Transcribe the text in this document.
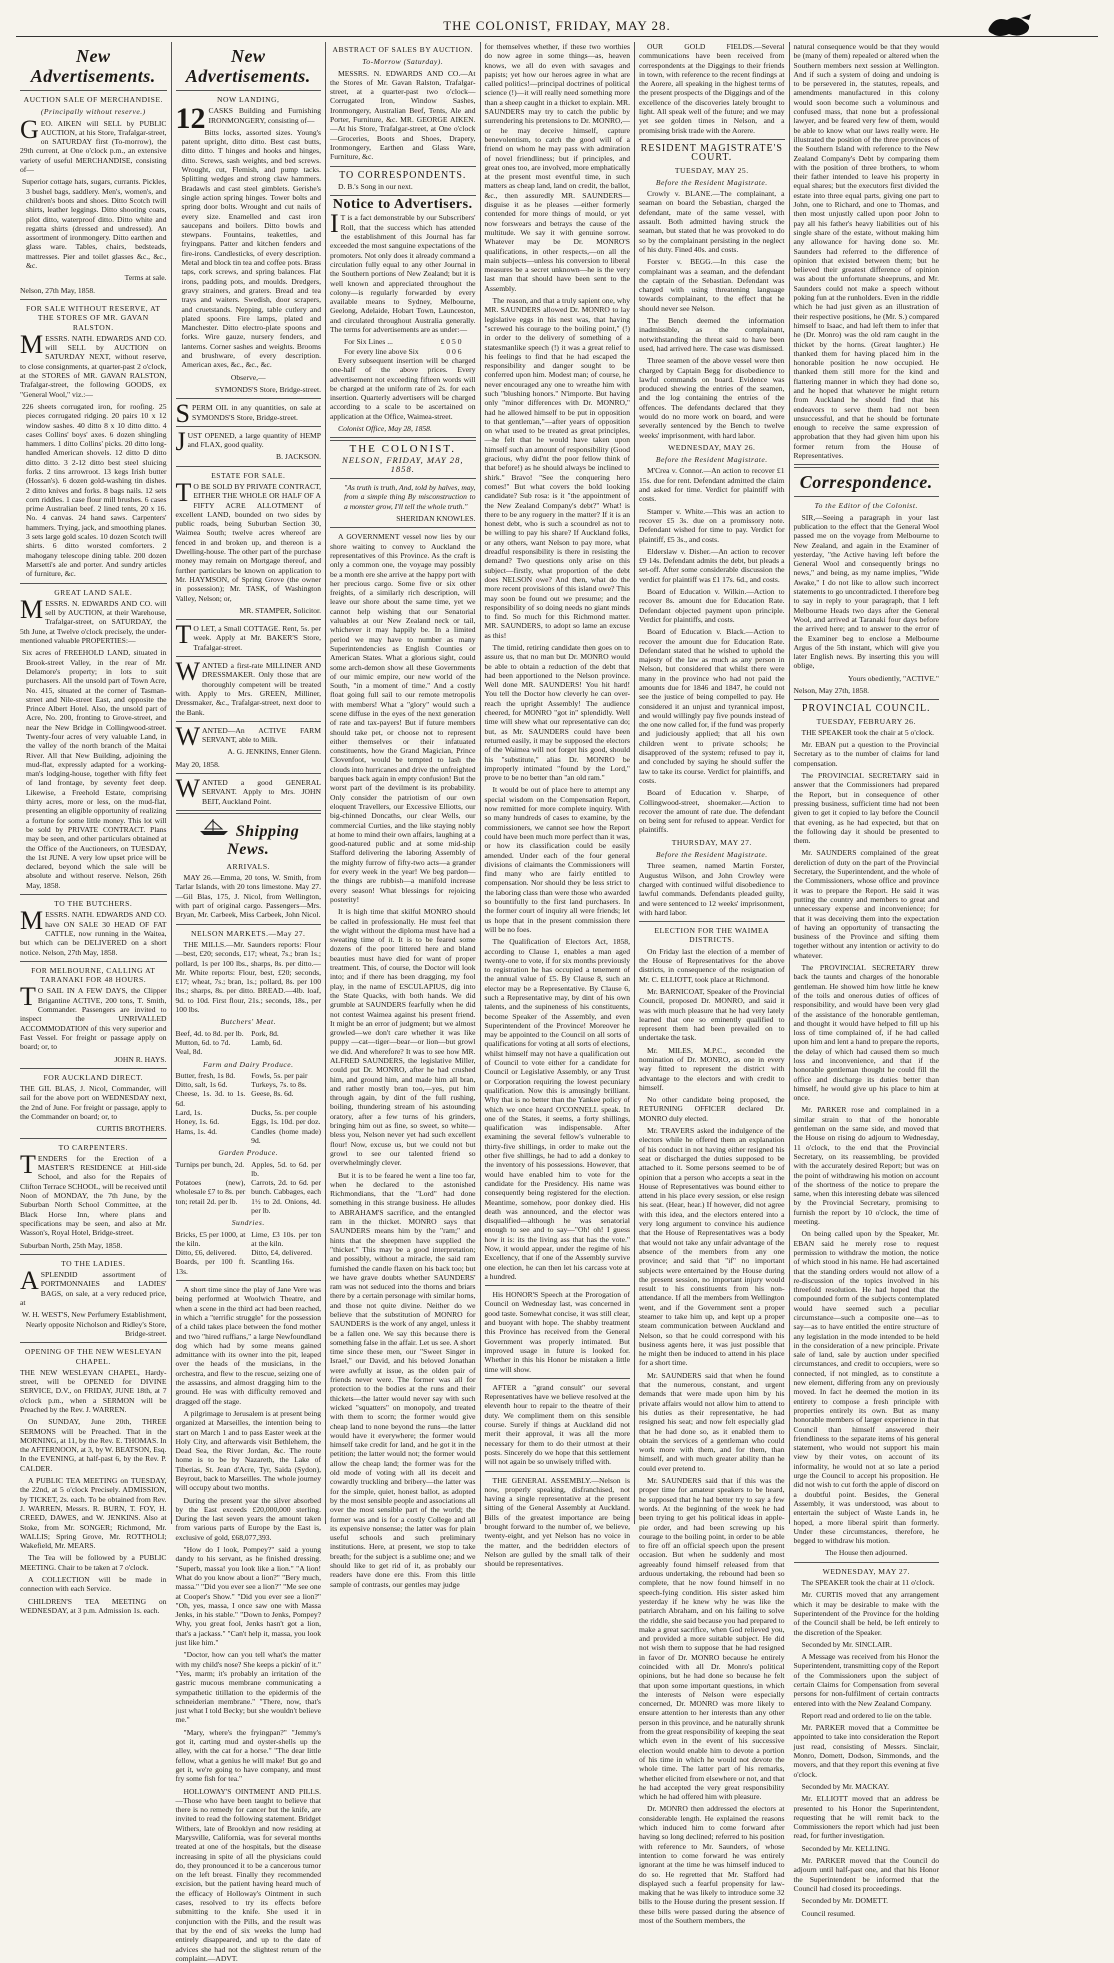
THE COLONIST, FRIDAY, MAY 28.
New Advertisements.
AUCTION SALE OF MERCHANDISE.
(Principally without reserve.)

GEO. AIKEN will SELL by PUBLIC AUCTION, at his Store, Trafalgar-street, on SATURDAY first (To-morrow), the 29th current, at One o'clock p.m., an extensive variety of useful MERCHANDISE, consisting of—

Superior cottage hats, sugars, currants. Pickles, 3 bushel bags, saddlery. Men's, women's, and children's boots and shoes. Ditto Scotch twill shirts, leather leggings. Ditto shooting coats, pilot ditto, waterproof ditto. Ditto white and regatta shirts (dressed and undressed). An assortment of ironmongery. Ditto earthen and glass ware. Tables, chairs, bedsteads, mattresses. Pier and toilet glasses &c., &c., &c.

Terms at sale.

Nelson, 27th May, 1858.

FOR SALE WITHOUT RESERVE, AT THE STORES OF MR. GAVAN RALSTON.

MESSRS. NATH. EDWARDS AND CO. will SELL by AUCTION on SATURDAY NEXT, without reserve, to close consignments, at quarter-past 2 o'clock, at the STORES of MR. GAVAN RALSTON, Trafalgar-street, the following GOODS, ex "General Wool," viz.:—

226 sheets corrugated iron, for roofing. 25 pieces corrugated ridging. 20 pairs 10 x 12 window sashes. 40 ditto 8 x 10 ditto ditto. 4 cases Collins' boys' axes. 6 dozen shingling hammers. 1 ditto Collins' picks. 20 ditto long-handled American shovels. 12 ditto D ditto ditto ditto. 3 2-12 ditto best steel sluicing forks. 2 tins arrowroot. 13 kegs Irish butter (Hossan's). 6 dozen gold-washing tin dishes. 2 ditto knives and forks. 8 bags nails. 12 sets corn riddles. 1 case flour mill brushes. 6 cases prime Australian beef. 2 lined tents, 20 x 16. No. 4 canvas. 24 hand saws. Carpenters' hammers. Trying, jack, and smoothing planes. 3 sets large gold scales. 10 dozen Scotch twill shirts. 6 ditto worsted comforters. 2 mahogany telescope dining table. 200 dozen Marsetti's ale and porter. And sundry articles of furniture, &c.

GREAT LAND SALE.

MESSRS. N. EDWARDS AND CO. will sell by AUCTION, at their Warehouse, Trafalgar-street, on SATURDAY, the 5th June, at Twelve o'clock precisely, the under-mentioned valuable PROPERTIES:—

Six acres of FREEHOLD LAND, situated in Brook-street Valley, in the rear of Mr. Delamore's property; in lots to suit purchasers. All the unsold part of Town Acre, No. 415, situated at the corner of Tasman-street and Nile-street East, and opposite the Prince Albert Hotel. Also, the unsold part of Acre, No. 200, fronting to Grove-street, and near the New Bridge in Collingwood-street. Twenty-four acres of very valuable Land, in the valley of the north branch of the Maitai River. All that New Building, adjoining the mud-flat, expressly adapted for a working-man's lodging-house, together with fifty feet of land frontage, by seventy feet deep. Likewise, a Freehold Estate, comprising thirty acres, more or less, on the mud-flat, presenting an eligible opportunity of realizing a fortune for some little money. This lot will be sold by PRIVATE CONTRACT. Plans may be seen, and other particulars obtained at the Office of the Auctioneers, on TUESDAY, the 1st JUNE. A very low upset price will be declared, beyond which the sale will be absolute and without reserve. Nelson, 26th May, 1858.

TO THE BUTCHERS.

MESSRS. NATH. EDWARDS AND CO. have ON SALE 30 HEAD OF FAT CATTLE, now running in the Waitea, but which can be DELIVERED on a short notice. Nelson, 27th May, 1858.

FOR MELBOURNE, CALLING AT TARANAKI FOR 48 HOURS.

T O SAIL IN A FEW DAYS, the Clipper Brigantine ACTIVE, 200 tons, T. Smith, Commander. Passengers are invited to inspect the UNRIVALLED ACCOMMODATION of this very superior and Fast Vessel. For freight or passage apply on board; or, to

JOHN R. HAYS.

FOR AUCKLAND DIRECT.

THE GIL BLAS, J. Nicol, Commander, will sail for the above port on WEDNESDAY next, the 2nd of June. For freight or passage, apply to the Commander on board; or, to

CURTIS BROTHERS.

TO CARPENTERS.

TENDERS for the Erection of a MASTER'S RESIDENCE at Hill-side School, and also for the Repairs of Clifton Terrace SCHOOL, will be received until Noon of MONDAY, the 7th June, by the Suburban North School Committee, at the Black Horse Inn, where plans and specifications may be seen, and also at Mr. Wasson's, Royal Hotel, Bridge-street.

Suburban North, 25th May, 1858.

TO THE LADIES.

ASPLENDID assortment of PORTMONNAIES and LADIES' BAGS, on sale, at a very reduced price, at

W. H. WEST'S, New Perfumery Establishment, Nearly opposite Nicholson and Ridley's Store, Bridge-street.

OPENING OF THE NEW WESLEYAN CHAPEL.

THE NEW WESLEYAN CHAPEL, Hardy-street, will be OPENED for DIVINE SERVICE, D.V., on FRIDAY, JUNE 18th, at 7 o'clock p.m., when a SERMON will be Preached by the Rev. J. WARREN.

On SUNDAY, June 20th, THREE SERMONS will be Preached. That in the MORNING, at 11, by the Rev. E. THOMAS. In the AFTERNOON, at 3, by W. BEATSON, Esq. In the EVENING, at half-past 6, by the Rev. P. CALDER.

A PUBLIC TEA MEETING on TUESDAY, the 22nd, at 5 o'clock Precisely. ADMISSION, by TICKET, 2s. each. To be obtained from Rev. J. WARREN, Messrs. R. BURN, T. FOY, H. CREED, DAWES, and W. JENKINS. Also at Stoke, from Mr. SONGER; Richmond, Mr. WALLIS; Spring Grove, Mr. ROTTHOLI; Wakefield, Mr. MEARS.

The Tea will be followed by a PUBLIC MEETING. Chair to be taken at 7 o'clock.

A COLLECTION will be made in connection with each Service.

CHILDREN'S TEA MEETING on WEDNESDAY, at 3 p.m. Admission 1s. each.

New Advertisements.
NOW LANDING,

12 CASKS Building and Furnishing IRONMONGERY, consisting of—

Bitts locks, assorted sizes. Young's patent upright, ditto ditto. Best cast butts, ditto ditto. T hinges and hooks and hinges, ditto. Screws, sash weights, and bed screws. Wrought, cut, Flemish, and pump tacks. Splitting wedges and strong claw hammers. Bradawls and cast steel gimblets. Gerishe's single action spring hinges. Tower bolts and spring door bolts. Wrought and cut nails of every size. Enamelled and cast iron saucepans and boilers. Ditto bowls and stewpans. Fountains, teakettles, and fryingpans. Patter and kitchen fenders and fire-irons. Candlesticks, of every description. Metal and block tin tea and coffee pots. Brass taps, cork screws, and spring balances. Flat irons, padding pots, and moulds. Dredgers, gravy strainers, and graters. Bread and tea trays and waiters. Swedish, door scrapers, and cruetstands. Nepping, table cutlery and plated spoons. Fire lamps, plated and Manchester. Ditto electro-plate spoons and forks. Wire gauze, nursery fenders, and lanterns. Corner sashes and weights. Brooms and brushware, of every description. American axes, &c., &c., &c.

Observe,—

SYMONDS'S Store, Bridge-street.

SPERM OIL in any quantities, on sale at SYMONDS'S Store, Bridge-street.

JUST OPENED, a large quantity of HEMP and FLAX, good quality.

B. JACKSON.

ESTATE FOR SALE.

T O BE SOLD BY PRIVATE CONTRACT, EITHER THE WHOLE OR HALF OF A FIFTY ACRE ALLOTMENT of excellent LAND, bounded on two sides by public roads, being Suburban Section 30, Waimea South; twelve acres whereof are fenced in and broken up, and thereon is a Dwelling-house. The other part of the purchase money may remain on Mortgage thereof, and further particulars be known on application to Mr. HAYMSON, of Spring Grove (the owner in possession); Mr. TASK, of Washington Valley, Nelson; or,

MR. STAMPER, Solicitor.

T O LET, a Small COTTAGE. Rent, 5s. per week. Apply at Mr. BAKER'S Store, Trafalgar-street.

WANTED a first-rate MILLINER AND DRESSMAKER. Only those that are thoroughly competent will be treated with. Apply to Mrs. GREEN, Milliner, Dressmaker, &c., Trafalgar-street, next door to the Bank.

WANTED—An ACTIVE FARM SERVANT, able to Milk.

A. G. JENKINS, Enner Glenn.

May 20, 1858.

WANTED a good GENERAL SERVANT. Apply to Mrs. JOHN BEIT, Auckland Point.

Shipping News.
ARRIVALS.

MAY 26.—Emma, 20 tons, W. Smith, from Tarlar Islands, with 20 tons limestone. May 27.—Gil Blas, 175, J. Nicol, from Wellington, with part of original cargo. Passengers—Mrs. Bryan, Mr. Carbeek, Miss Carbeek, John Nicol.

NELSON MARKETS.—May 27.

THE MILLS.—Mr. Saunders reports: Flour—best, £20; seconds, £17; wheat, 7s.; bran 1s.; pollard, 1s per 100 lbs., sharps, 8s. per ditto.—Mr. White reports: Flour, best, £20; seconds, £17; wheat, 7s.; bran, 1s.; pollard, 8s. per 100 lbs.; sharps, 8s. per ditto. BREAD.—4lb. loaf, 9d. to 10d. First flour, 21s.; seconds, 18s., per 100 lbs.

Butchers' Meat.
Beef, 4d. to 8d. per lb. Pork, 8d.
Mutton, 6d. to 7d.	Lamb, 6d.
Veal, 8d.
Farm and Dairy Produce.
Butter, fresh, 1s 8d.	Fowls, 5s. per pair
Ditto, salt, 1s 6d.	Turkeys, 7s. to 8s.
Cheese, 1s. 3d. to 1s. 6d.
Geese, 8s. 6d.
Lard, 1s.	Ducks, 5s. per couple
Honey, 1s. 6d.	Eggs, 1s. 10d. per doz.
Hams, 1s. 4d.	Candles (home made) 9d.
Garden Produce.
Turnips per bunch, 2d. Apples, 5d. to 6d. per lb.
Potatoes (new), wholesale £7 to 8s. per ton; retail 2d. per lb.
Carrots, 2d. to 6d. per bunch. Cabbages, each 1½ to 2d. Onions, 4d. per lb.
Sundries.
Bricks, £5 per 1000, at the kiln.
Lime, £3 10s. per ton at the kiln.
Ditto, £6, delivered.	Ditto, £4, delivered.
Boards, per 100 ft. 13s.
Scantling 16s.

A short time since the play of Jane Vere was being performed at Woolwich Theatre, and when a scene in the third act had been reached, in which a "terrific struggle" for the possession of a child takes place between the fond mother and two "hired ruffians," a large Newfoundland dog which had by some means gained admittance with its owner into the pit, leaped over the heads of the musicians, in the orchestra, and flew to the rescue, seizing one of the assassins, and almost dragging him to the ground. He was with difficulty removed and dragged off the stage.

A pilgrimage to Jerusalem is at present being organized at Marseilles, the intention being to start on March 1 and to pass Easter week at the Holy City, and afterwards visit Bethlehem, the Dead Sea, the River Jordan, &c. The route home is to be by Nazareth, the Lake of Tiberias, St. Jean d'Acre, Tyr, Saida (Sydon), Beyrout, back to Marseilles. The whole journey will occupy about two months.

During the present year the silver absorbed by the East exceeds £20,000,000 sterling. During the last seven years the amount taken from various parts of Europe by the East is, exclusive of gold, £68,077,393.

"How do I look, Pompey?" said a young dandy to his servant, as he finished dressing. "Superb, massa! you look like a lion." "A lion! What do you know about a lion?" "Bery much, massa." "Did you ever see a lion?" "Me see one at Cooper's Show." "Did you ever see a lion?" "Oh, yes, massa, I once saw one with Massa Jenks, in his stable." "Down to Jenks, Pompey? Why, you great fool, Jenks hasn't got a lion, that's a jackass." "Can't help it, massa, you look just like him."

"Doctor, how can you tell what's the matter with my child's nose? She keeps a pickin' of it." "Yes, marm; it's probably an irritation of the gastric mucous membrane communicating a sympathetic titillation to the epidermis of the schneiderian membrane." "There, now, that's just what I told Becky; but she wouldn't believe me."

"Mary, where's the fryingpan?" "Jemmy's got it, carting mud and oyster-shells up the alley, with the cat for a horse." "The dear little fellow, what a genius he will make! But go and get it, we're going to have company, and must fry some fish for tea."

HOLLOWAY'S OINTMENT AND PILLS.—Those who have been taught to believe that there is no remedy for cancer but the knife, are invited to read the following statement. Bridget Withers, late of Brooklyn and now residing at Marysville, California, was for several months treated at one of the hospitals, but the disease increasing in spite of all the physicians could do, they pronounced it to be a cancerous tumor on the left breast. Finally they recommended excision, but the patient having heard much of the efficacy of Holloway's Ointment in such cases, resolved to try its effects before submitting to the knife. She used it in conjunction with the Pills, and the result was that by the end of six weeks the lump had entirely disappeared, and up to the date of advices she had not the slightest return of the complaint.—ADVT.

ABSTRACT OF SALES BY AUCTION.
To-Morrow (Saturday).

MESSRS. N. EDWARDS AND CO.—At the Stores of Mr. Gavan Ralston, Trafalgar-street, at a quarter-past two o'clock—Corrugated Iron, Window Sashes, Ironmongery, Australian Beef, Tents, Ale and Porter, Furniture, &c. MR. GEORGE AIKEN.—At his Store, Trafalgar-street, at One o'clock—Groceries, Boots and Shoes, Drapery, Ironmongery, Earthen and Glass Ware, Furniture, &c.

TO CORRESPONDENTS.

D. B.'s Song in our next.

Notice to Advertisers.

I T is a fact demonstrable by our Subscribers' Roll, that the success which has attended the establishment of this Journal has far exceeded the most sanguine expectations of the promoters. Not only does it already command a circulation fully equal to any other Journal in the Southern portions of New Zealand; but it is well known and appreciated throughout the colony—is regularly forwarded by every available means to Sydney, Melbourne, Geelong, Adelaide, Hobart Town, Launceston, and circulated throughout Australia generally. The terms for advertisements are as under:—

For Six Lines ...	£ 0 5 0
For every line above Six	0 0 6

Every subsequent insertion will be charged one-half of the above prices. Every advertisement not exceeding fifteen words will be charged at the uniform rate of 2s. for each insertion. Quarterly advertisers will be charged according to a scale to be ascertained on application at the Office, Waimea-street.

Colonist Office, May 28, 1858.

THE COLONIST.
NELSON, FRIDAY, MAY 28, 1858.

"As truth is truth, And, told by halves, may, from a simple thing By misconstruction to a monster grow, I'll tell the whole truth."

SHERIDAN KNOWLES.

A GOVERNMENT vessel now lies by our shore waiting to convey to Auckland the representatives of this Province. As the craft is only a common one, the voyage may possibly be a month ere she arrive at the happy port with her precious cargo. Some five or six other freights, of a similarly rich description, will leave our shore about the same time, yet we cannot help wishing that our Senatorial valuables at our New Zealand neck or tail, whichever it may happily be. In a limited period we may have to number as many Superintendencies as English Counties or American States. What a glorious sight, could some arch-demon show all these Governments of our mimic empire, our new world of the South, "in a moment of time." And a costly float going full sail to our remote metropolis with members! What a "glory" would such a scene diffuse in the eyes of the next generation of rate and tax-payers! But if future members should take pet, or choose not to represent either themselves or their infatuated constituents, how the Grand Magician, Prince Clovenfoot, would be tempted to lash the clouds into hurricanes and drive the unfreighted barques back again in empty confusion! But the worst part of the devilment is its probability. Only consider the patriotism of our own eloquent Travellers, our Excessive Elliotts, our big-chinned Doncaths, our clear Wells, our commercial Curties, and the like staying nobly at home to mind their own affairs, laughing at a good-natured public and at some mid-ship Stafford delivering the laboring Assembly of the mighty furrow of fifty-two acts—a grander for every week in the year! We beg pardon—the things are rubbish—a manifold increase every season! What blessings for rejoicing posterity!

It is high time that skilful MONRO should be called in professionally. He must feel that the wight without the diploma must have had a sweating time of it. It is to be feared some dozens of the poor littered here and bland beauties must have died for want of proper treatment. This, of course, the Doctor will look into; and if there has been dragging, my fool play, in the name of ESCULAPIUS, dig into the State Quacks, with both hands. We did grumble at SAUNDERS fearfully when he did not contest Waimea against his present friend. It might be an error of judgment; but we almost growled—we don't care whether it was like puppy —cat—tiger—bear—or lion—but growl we did. And wherefore? It was to see how MR. ALFRED SAUNDERS, the legislative Miller, could put Dr. MONRO, after he had crushed him, and ground him, and made him all bran, and rather mostly bran too,—yes, put him through again, by dint of the full rushing, boiling, thundering stream of his astounding oratory, after a few turns of his grinders, bringing him out as fine, so sweet, so white—bless you, Nelson never yet had such excellent flour! Now, excuse us, but we could not but growl to see our talented friend so overwhelmingly clever.

But it is to be feared he went a line too far, when he declared to the astonished Richmondians, that the "Lord" had done something in this strange business. He alludes to ABRAHAM'S sacrifice, and the entangled ram in the thicket. MONRO says that SAUNDERS means him by the "ram;" and hints that the sheepmen have supplied the "thicket." This may be a good interpretation; and possibly, without a miracle, the said ram furnished the candle flaxen on his back too; but we have grave doubts whether SAUNDERS' ram was not seduced into the thorns and briars there by a certain personage with similar horns, and those not quite divine. Neither do we believe that the substitution of MONRO for SAUNDERS is the work of any angel, unless it be a fallen one. We say this because there is something false in the affair. Let us see. A short time since these men, our "Sweet Singer in Israel," our David, and his beloved Jonathan were awfully at issue, as the olden pair of friends never were. The former was all for protection to the bodies at the runs and their thickets—the latter would never say with such wicked "squatters" on monopoly, and treated with them to scorn; the former would give cheap land to none beyond the runs—the latter would have it everywhere; the former would himself take credit for land, and he got it in the petition; the latter would not; the former would allow the cheap land; the former was for the old mode of voting with all its deceit and cowardly truckling and bribery—the latter was for the simple, quiet, honest ballot, as adopted by the most sensible people and associations all over the most sensible part of the world; the former was and is for a costly College and all its expensive nonsense; the latter was for plain useful schools and such preliminary institutions. Here, at present, we stop to take breath; for the subject is a sublime one; and we should like to get rid of it, as probably our readers have done ere this. From this little sample of contrasts, our gentles may judge

for themselves whether, if these two worthies do now agree in some things—as, heaven knows, we all do even with savages and papists; yet how our heroes agree in what are called politics!—principal doctrines of political science (!)—it will really need something more than a sheep caught in a thicket to explain. MR. SAUNDERS may try to catch the public by surrendering his pretensions to Dr. MONRO,—or he may deceive himself, capture benevolentism, to catch the good will of a friend on whom he may pass with admiration of novel friendliness; but if principles, and great ones too, are involved, more emphatically at the present most eventful time, in such matters as cheap land, land on credit, the ballot, &c., then assuredly MR. SAUNDERS—disguise it as he pleases —either formerly contended for more things of mould, or yet now forswears and betrays the cause of the multitude. We say it with genuine sorrow. Whatever may be Dr. MONRO'S qualifications, in other respects,—on all the main subjects—unless his conversion to liberal measures be a secret unknown—he is the very last man that should have been sent to the Assembly.

The reason, and that a truly sapient one, why MR. SAUNDERS allowed Dr. MONRO to lay legislative eggs in his nest was, that having "screwed his courage to the boiling point," (!) in order to the delivery of something of a statesmanlike speech (!) it was a great relief to his feelings to find that he had escaped the responsibility and danger sought to be conferred upon him. Modest man; of course, he never encouraged any one to wreathe him with such "blushing honors." N'importe. But having only "minor differences with Dr. MONRO," had he allowed himself to be put in opposition to that gentleman,"—after years of opposition on what used to be treated as great principles,—he felt that he would have taken upon himself such an amount of responsibility (Good gracious, why did'nt the poor fellow think of that before!) as he should always be inclined to shirk." Bravo! "See the conquering hero comes!" But what covers the bold looking candidate? Sub rosa: is it "the appointment of the New Zealand Company's debt?" What! is there to be any roguery in the matter? If it is an honest debt, who is such a scoundrel as not to be willing to pay his share? If Auckland folks, or any others, want Nelson to pay more, what dreadful responsibility is there in resisting the demand? Two questions only arise on this subject—firstly, what proportion of the debt does NELSON owe? And then, what do the more recent provisions of this island owe? This may soon be found out we presume; and the responsibility of so doing needs no giant minds to find. So much for this Richmond matter. MR. SAUNDERS, to adopt so lame an excuse as this!

The timid, retiring candidate then goes on to assure us, that no man but Dr. MONRO would be able to obtain a reduction of the debt that had been apportioned to the Nelson province. Well done MR. SAUNDERS! You hit hard! You tell the Doctor how cleverly he can over-reach the upright Assembly! The audience cheered, for MONRO "got in" splendidly. Well time will shew what our representative can do; but, as Mr. SAUNDERS could have been returned easily, it may be supposed the electors of the Waimea will not forget his good, should his "substitute," alias Dr. MONRO be improperly intimated "found by the Lord," prove to be no better than "an old ram."

It would be out of place here to attempt any special wisdom on the Compensation Report, now remitted for more complete inquiry. With so many hundreds of cases to examine, by the commissioners, we cannot see how the Report could have been much more perfect than it was, or how its classification could be easily amended. Under each of the four general divisions of claimants the Commissioners will find many who are fairly entitled to compensation. Nor should they be less strict to the laboring class than were those who awarded so bountifully to the first land purchasers. In the former court of inquiry all were friends; let us hope that in the present commission there will be no foes.

The Qualification of Electors Act, 1858, according to Clause 1, enables a man aged twenty-one to vote, if for six months previously to registration he has occupied a tenement of the annual value of £5. By Clause 8, such an elector may be a Representative. By Clause 6, such a Representative may, by dint of his own talents, and the supineness of his constituents, become Speaker of the Assembly, and even Superintendent of the Province! Moreover he may be appointed to the Council on all sorts of qualifications for voting at all sorts of elections, whilst himself may not have a qualification out of Council to vote either for a candidate for Council or Legislative Assembly, or any Trust or Corporation requiring the lowest pecuniary qualification. Now this is amusingly brilliant. Why that is no better than the Yankee policy of which we once heard O'CONNELL speak. In one of the States, it seems, a forty shillings, qualification was indispensable. After examining the several fellow's vulnerable to thirty-five shillings, in order to make out the other five shillings, he had to add a donkey to the inventory of his possessions. However, that would have enabled him to vote for the candidate for the Presidency. His name was consequently being registered for the election. Meantime, somehow, poor donkey died. His death was announced, and the elector was disqualified—although he was senatorial enough to see and to say—"Oh! oh! I guess how it is: its the living ass that has the vote." Now, it would appear, under the regime of his Excellency, that if one of the Assembly survive one election, he can then let his carcass vote at a hundred.

His HONOR'S Speech at the Prorogation of Council on Wednesday last, was concerned in good taste. Somewhat concise, it was still clear, and buoyant with hope. The shabby treatment this Province has received from the General Government was properly intimated. But improved usage in future is looked for. Whether in this his Honor be mistaken a little time will show.

AFTER a "grand consult" our several Representatives have we believe resolved at the eleventh hour to repair to the theatre of their duty. We compliment them on this sensible course. Surely if things at Auckland did not merit their approval, it was all the more necessary for them to do their utmost at their posts. Sincerely do we hope that this settlement will not again be so unwisely trifled with.

THE GENERAL ASSEMBLY.—Nelson is now, properly speaking, disfranchised, not having a single representative at the present sitting of the General Assembly at Auckland. Bills of the greatest importance are being brought forward to the number of, we believe, twenty-eight, and yet Nelson has no voice in the matter, and the bedridden electors of Nelson are gulled by the small talk of their should be representatives.

OUR GOLD FIELDS.—Several communications have been received from correspondents at the Diggings to their friends in town, with reference to the recent findings at the Aorere, all speaking in the highest terms of the present prospects of the Diggings and of the excellence of the discoveries lately brought to light. All speak well of the future; and we may yet see golden times in Nelson, and a promising brisk trade with the Aorere.

RESIDENT MAGISTRATE'S COURT.
TUESDAY, MAY 25.
Before the Resident Magistrate.

Crowly v. BLANE.—The complainant, a seaman on board the Sebastian, charged the defendant, mate of the same vessel, with assault. Both admitted having struck the seaman, but stated that he was provoked to do so by the complainant persisting in the neglect of his duty. Fined 40s. and costs.

Forster v. BEGG.—In this case the complainant was a seaman, and the defendant the captain of the Sebastian. Defendant was charged with using threatening language towards complainant, to the effect that he should never see Nelson.

The Bench deemed the information inadmissible, as the complainant, notwithstanding the threat said to have been used, had arrived here. The case was dismissed.

Three seamen of the above vessel were then charged by Captain Begg for disobedience to lawful commands on board. Evidence was produced shewing the entries of the seamen, and the log containing the entries of the offences. The defendants declared that they would do no more work on board, and were severally sentenced by the Bench to twelve weeks' imprisonment, with hard labor.

WEDNESDAY, MAY 26.
Before the Resident Magistrate.

M'Crea v. Connor.—An action to recover £1 15s. due for rent. Defendant admitted the claim and asked for time. Verdict for plaintiff with costs.

Stamper v. White.—This was an action to recover £5 3s. due on a promissory note. Defendant wished for time to pay. Verdict for plaintiff, £5 3s., and costs.

Elderslaw v. Disher.—An action to recover £9 14s. Defendant admits the debt, but pleads a set-off. After some considerable discussion the verdict for plaintiff was £1 17s. 6d., and costs.

Board of Education v. Wilkin.—Action to recover 8s. amount due for Education Rate. Defendant objected payment upon principle. Verdict for plaintiffs, and costs.

Board of Education v. Black.—Action to recover the amount due for Education Rate. Defendant stated that he wished to uphold the majesty of the law as much as any person in Nelson, but considered that whilst there were many in the province who had not paid the amounts due for 1846 and 1847, he could not see the justice of being compelled to pay. He considered it an unjust and tyrannical impost, and would willingly pay five pounds instead of the one now called for, if the fund was properly and judiciously applied; that all his own children went to private schools; he disapproved of the system; refused to pay it, and concluded by saying he should suffer the law to take its course. Verdict for plaintiffs, and costs.

Board of Education v. Sharpe, of Collingwood-street, shoemaker.—Action to recover the amount of rate due. The defendant on being sent for refused to appear. Verdict for plaintiffs.

THURSDAY, MAY 27.
Before the Resident Magistrate.

Three seamen, named Martin Forster, Augustus Wilson, and John Crowley were charged with continued wilful disobedience to lawful commands. Defendants pleaded guilty, and were sentenced to 12 weeks' imprisonment, with hard labor.

ELECTION FOR THE WAIMEA DISTRICTS.

On Friday last the election of a member of the House of Representatives for the above districts, in consequence of the resignation of Mr. C. ELLIOTT, took place at Richmond.

Mr. BARNICOAT, Speaker of the Provincial Council, proposed Dr. MONRO, and said it was with much pleasure that he had very lately learned that one so eminently qualified to represent them had been prevailed on to undertake the task.

Mr. MILES, M.P.C., seconded the nomination of Dr. MONRO, as one in every way fitted to represent the district with advantage to the electors and with credit to himself.

No other candidate being proposed, the RETURNING OFFICER declared Dr. MONRO duly elected.

Mr. TRAVERS asked the indulgence of the electors while he offered them an explanation of his conduct in not having either resigned his seat or discharged the duties supposed to be attached to it. Some persons seemed to be of opinion that a person who accepts a seat in the House of Representatives was bound either to attend in his place every session, or else resign his seat. (Hear, hear.) If however, did not agree with this idea, and the electors entered into a very long argument to convince his audience that the House of Representatives was a body that would not take any unfair advantage of the absence of the members from any one province; and said that "if" no important subjects were entertained by the House during the present session, no important injury would result to his constituents from his non-attendance. If all the members from Wellington went, and if the Government sent a proper steamer to take him up, and kept up a proper steam communication between Auckland and Nelson, so that he could correspond with his business agents here, it was just possible that he might then be induced to attend in his place for a short time.

Mr. SAUNDERS said that when he found that the numerous, constant, and urgent demands that were made upon him by his private affairs would not allow him to attend to his duties as their representative, he had resigned his seat; and now felt especially glad that he had done so, as it enabled them to obtain the services of a gentleman who could work more with them, and for them, than himself, and with much greater ability than he could ever pretend to.

Mr. SAUNDERS said that if this was the proper time for amateur speakers to be heard, he supposed that he had better try to say a few words. At the beginning of the week he had been trying to get his political ideas in apple-pie order, and had been screwing up his courage to the boiling point, in order to be able to fire off an official speech upon the present occasion. But when he suddenly and most agreeably found himself released from that arduous undertaking, the rebound had been so complete, that he now found himself in no speech-fying condition. His sister asked him yesterday if he knew why he was like the patriarch Abraham, and on his failing to solve the riddle, she said because you had prepared to make a great sacrifice, when God relieved you, and provided a more suitable subject. He did not wish them to suppose that he had resigned in favor of Dr. MONRO because he entirely coincided with all Dr. Monro's political opinions, but he had done so because he felt that upon some important questions, in which the interests of Nelson were especially concerned, Dr. MONRO was more likely to ensure attention to her interests than any other person in this province, and he naturally shrunk from the great responsibility of keeping the seat which even in the event of his successive election would enable him to devote a portion of his time in which he would not devote the whole time. The latter part of his remarks, whether elicited from elsewhere or not, and that he had accepted the very great responsibility which he had offered him with pleasure.

Dr. MONRO then addressed the electors at considerable length. He explained the reasons which induced him to come forward after having so long declined; referred to his position with reference to Mr. Saunders, of whose intention to come forward he was entirely ignorant at the time he was himself induced to do so. He regretted that Mr. Stafford had displayed such a fearful propensity for law-making that he was likely to introduce some 32 bills to the House during the present session. If these bills were passed during the absence of most of the Southern members, the

natural consequence would be that they would be (many of them) repealed or altered when the Southern members next session at Wellington. And if such a system of doing and undoing is to be persevered in, the statutes, repeals, and amendments manufactured in this colony would soon become such a voluminous and confused mass, that none but a professional lawyer, and be feared very few of them, would be able to know what our laws really were. He illustrated the position of the three provinces of the Southern Island with reference to the New Zealand Company's Debt by comparing them with the position of three brothers, to whom their father intended to leave his property in equal shares; but the executors first divided the estate into three equal parts, giving one part to John, one to Richard, and one to Thomas, and then most unjustly called upon poor John to pay all his father's heavy liabilities out of his single share of the estate, without making him any allowance for having done so. Mr. Saunders had referred to the difference of opinion that existed between them; but he believed their greatest difference of opinion was about the unfortunate sheepruns, and Mr. Saunders could not make a speech without poking fun at the runholders. Even in the riddle which he had just given as an illustration of their respective positions, he (Mr. S.) compared himself to Isaac, and had left them to infer that he (Dr. Monro) was the old ram caught in the thicket by the horns. (Great laughter.) He thanked them for having placed him in the honorable position he now occupied. He thanked them still more for the kind and flattering manner in which they had done so, and he hoped that whatever he might return from Auckland he should find that his endeavors to serve them had not been unsuccessful, and that he should be fortunate enough to receive the same expression of approbation that they had given him upon his former return from the House of Representatives.

Correspondence.
To the Editor of the Colonist.

SIR,—Seeing a paragraph in your last publication to the effect that the General Wool passed me on the voyage from Melbourne to New Zealand, and again in the Examiner of yesterday, "the Active having left before the General Wool and consequently brings no news," and being, as my name implies, "Wide Awake," I do not like to allow such incorrect statements to go uncontradicted. I therefore beg to say in reply to your paragraph, that I left Melbourne Heads two days after the General Wool, and arrived at Taranaki four days before the arrived here; and to answer to the error of the Examiner beg to enclose a Melbourne Argus of the 5th instant, which will give you later English news. By inserting this you will oblige,

Yours obediently, "ACTIVE."

Nelson, May 27th, 1858.

PROVINCIAL COUNCIL.
TUESDAY, FEBRUARY 26.

THE SPEAKER took the chair at 5 o'clock.

Mr. EBAN put a question to the Provincial Secretary as to the number of claims for land compensation.

The PROVINCIAL SECRETARY said in answer that the Commissioners had prepared the Report, but in consequence of other pressing business, sufficient time had not been given to get it copied to lay before the Council that evening, as he had expected, but that on the following day it should be presented to them.

Mr. SAUNDERS complained of the great dereliction of duty on the part of the Provincial Secretary, the Superintendent, and the whole of the Commissioners, whose office and province it was to prepare the Report. He said it was putting the country and members to great and unnecessary expense and inconvenience; for that it was deceiving them into the expectation of having an opportunity of transacting the business of the Province and sifting them together without any intention or activity to do whatever.

The PROVINCIAL SECRETARY threw back the taunts and charges of the honorable gentleman. He showed him how little he knew of the toils and onerous duties of offices of responsibility, and would have been very glad of the assistance of the honorable gentleman, and thought it would have helped to fill up his loss of time complained of, if he had called upon him and lent a hand to prepare the reports, the delay of which had caused them so much loss and inconvenience, and that if the honorable gentleman thought he could fill the office and discharge its duties better than himself, he would give up his place to him at once.

Mr. PARKER rose and complained in a similar strain to that of the honorable gentleman on the same side, and moved that the House on rising do adjourn to Wednesday, 11 o'clock, to the end that the Provincial Secretary, on its reassembling, be provided with the accurately desired Report; but was on the point of withdrawing his motion on account of the shortness of the notice to prepare the same, when this interesting debate was silenced by the Provincial Secretary, promising to furnish the report by 10 o'clock, the time of meeting.

On being called upon by the Speaker, Mr. EBAN said he merely rose to request permission to withdraw the motion, the notice of which stood in his name. He had ascertained that the standing orders would not allow of a re-discussion of the topics involved in his threefold resolution. He had hoped that the compounded form of the subjects contemplated would have seemed such a peculiar circumstance—such a composite one—as to say—as to have entitled the entire structure of any legislation in the mode intended to be held in the consideration of a new principle. Private sale of land, sale by auction under specified circumstances, and credit to occupiers, were so connected, if not mingled, as to constitute a new element, differing from any on previously moved. In fact he deemed the motion in its entirety to compose a fresh principle with properties entirely its own. But as many honorable members of larger experience in that Council than himself answered their friendliness to the separate items of his general statement, who would not support his main view by their votes, on account of its informality, he would not at so late a period urge the Council to accept his proposition. He did not wish to cut forth the apple of discord on a doubtful point. Besides, the General Assembly, it was understood, was about to entertain the subject of Waste Lands in, he hoped, a more liberal spirit than formerly. Under these circumstances, therefore, he begged to withdraw his motion.

The House then adjourned.

WEDNESDAY, MAY 27.

The SPEAKER took the chair at 11 o'clock.

Mr. CURTIS moved that any arrangement which it may be desirable to make with the Superintendent of the Province for the holding of the Council shall be held, be left entirely to the discretion of the Speaker.

Seconded by Mr. SINCLAIR.

A Message was received from his Honor the Superintendent, transmitting copy of the Report of the Commissioners upon the subject of certain Claims for Compensation from several persons for non-fulfilment of certain contracts entered into with the New Zealand Company.

Report read and ordered to lie on the table.

Mr. PARKER moved that a Committee be appointed to take into consideration the Report just read, consisting of Messrs. Sinclair, Monro, Domett, Dodson, Simmonds, and the movers, and that they report this evening at five o'clock.

Seconded by Mr. MACKAY.

Mr. ELLIOTT moved that an address be presented to his Honor the Superintendent, requesting that he will remit back to the Commissioners the report which had just been read, for further investigation.

Seconded by Mr. KELLING.

Mr. PARKER moved that the Council do adjourn until half-past one, and that his Honor the Superintendent be informed that the Council had closed its proceedings.

Seconded by Mr. DOMETT.

Council resumed.
